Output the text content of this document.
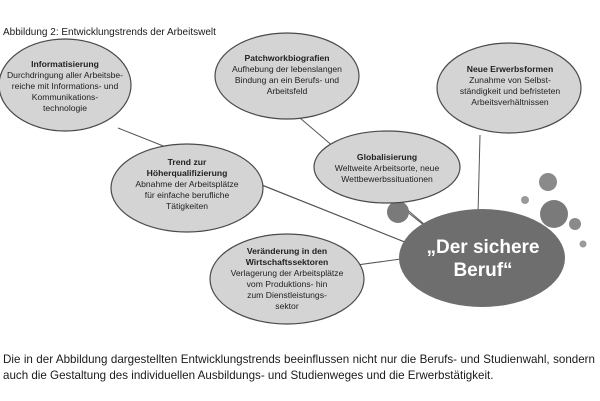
Abbildung 2: Entwicklungstrends der Arbeitswelt
Informatisierung
Durchdringung aller Arbeitsbe-
reiche mit Informations- und
Kommunikations-
technologie
Patchworkbiografien
Aufhebung der lebenslangen
Bindung an ein Berufs- und
Arbeitsfeld
Neue Erwerbsformen
Zunahme von Selbst-
ständigkeit und befristeten
Arbeitsverhältnissen
Trend zur
Höherqualifizierung
Abnahme der Arbeitsplätze
für einfache berufliche
Tätigkeiten
Globalisierung
Weltweite Arbeitsorte, neue
Wettbewerbssituationen
Veränderung in den
Wirtschaftssektoren
Verlagerung der Arbeitsplätze
vom Produktions- hin
zum Dienstleistungs-
sektor
„Der sichere
Beruf“
Die in der Abbildung dargestellten Entwicklungstrends beeinflussen nicht nur die Berufs- und Studienwahl, sondern auch die Gestaltung des individuellen Ausbildungs- und Studienweges und die Erwerbstätigkeit.
